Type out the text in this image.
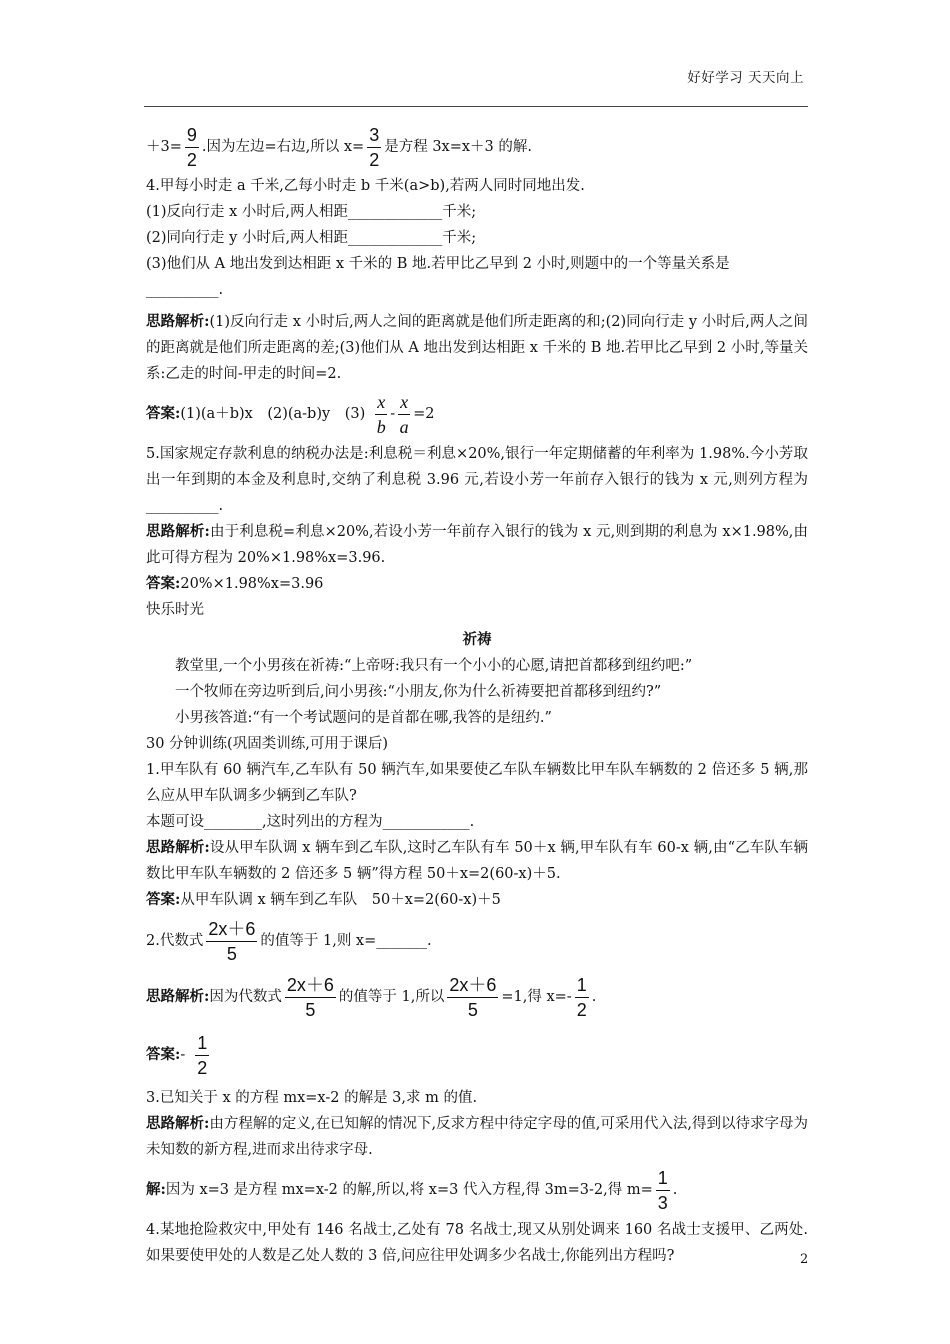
好好学习 天天向上
$+3= \frac{9}{2}$ .因为左边=右边,所以 $x= \frac{3}{2}$ 是方程 3x=x＋3 的解.
4.甲每小时走 a 千米,乙每小时走 b 千米(a>b),若两人同时同地出发.
(1)反向行走 x 小时后,两人相距_____________千米;
(2)同向行走 y 小时后,两人相距_____________千米;
(3)他们从 A 地出发到达相距 x 千米的 B 地.若甲比乙早到 2 小时,则题中的一个等量关系是
__________.
思路解析:(1)反向行走 x 小时后,两人之间的距离就是他们所走距离的和;(2)同向行走 y 小时后,两人之间的距离就是他们所走距离的差;(3)他们从 A 地出发到达相距 x 千米的 B 地.若甲比乙早到 2 小时,等量关系:乙走的时间-甲走的时间=2.
答案: (1)(a＋b)x　(2)(a-b)y　$(3) \frac{x}{b} - \frac{x}{a} =2$
5.国家规定存款利息的纳税办法是:利息税＝利息×20%,银行一年定期储蓄的年利率为 1.98%.今小芳取出一年到期的本金及利息时,交纳了利息税 3.96 元,若设小芳一年前存入银行的钱为 x 元,则列方程为__________.
思路解析:由于利息税=利息×20%,若设小芳一年前存入银行的钱为 x 元,则到期的利息为 x×1.98%,由此可得方程为 20%×1.98%x=3.96.
答案:20%×1.98%x=3.96
快乐时光
祈祷
教堂里,一个小男孩在祈祷:“上帝呀:我只有一个小小的心愿,请把首都移到纽约吧:”
一个牧师在旁边听到后,问小男孩:“小朋友,你为什么祈祷要把首都移到纽约?”
小男孩答道:“有一个考试题问的是首都在哪,我答的是纽约.”
30 分钟训练(巩固类训练,可用于课后)
1.甲车队有 60 辆汽车,乙车队有 50 辆汽车,如果要使乙车队车辆数比甲车队车辆数的 2 倍还多 5 辆,那么应从甲车队调多少辆到乙车队?
本题可设________,这时列出的方程为____________.
思路解析:设从甲车队调 x 辆车到乙车队,这时乙车队有车 50＋x 辆,甲车队有车 60-x 辆,由“乙车队车辆数比甲车队车辆数的 2 倍还多 5 辆”得方程 50＋x=2(60-x)＋5.
答案:从甲车队调 x 辆车到乙车队　50＋x=2(60-x)＋5
2.代数式 $\frac{2x+6}{5}$ 的值等于 1,则 x=_______.
思路解析: 因为代数式 $\frac{2x+6}{5}$ 的值等于 1,所以 $\frac{2x+6}{5} =1$,得 $x=- \frac{1}{2}$ .
答案: - $\frac{1}{2}$
3.已知关于 x 的方程 mx=x-2 的解是 3,求 m 的值.
思路解析:由方程解的定义,在已知解的情况下,反求方程中待定字母的值,可采用代入法,得到以待求字母为未知数的新方程,进而求出待求字母.
解: 因为 x=3 是方程 mx=x-2 的解,所以,将 x=3 代入方程,得 3m=3-2,得 $m= \frac{1}{3}$ .
4.某地抢险救灾中,甲处有 146 名战士,乙处有 78 名战士,现又从别处调来 160 名战士支援甲、乙两处.如果要使甲处的人数是乙处人数的 3 倍,问应往甲处调多少名战士,你能列出方程吗?	2
